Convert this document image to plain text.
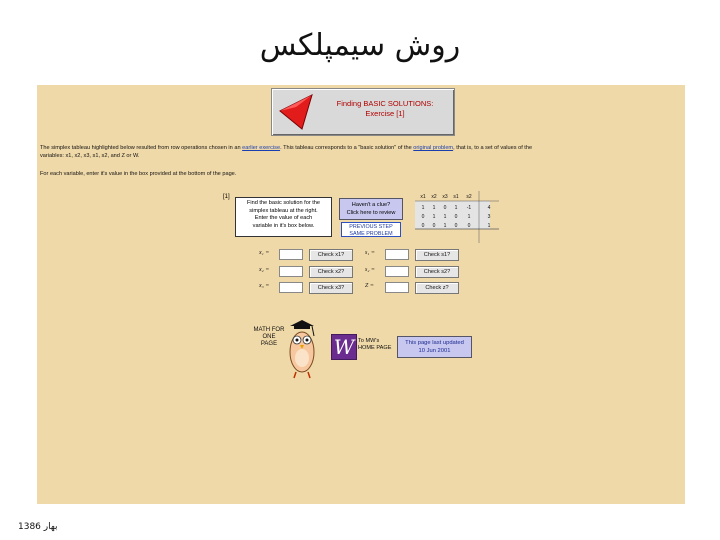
روش سیمپلکس
Finding BASIC SOLUTIONS:
Exercise [1]
The simplex tableau highlighted below resulted from row operations chosen in an earlier exercise. This tableau corresponds to a "basic solution" of the original problem, that is, to a set of values of the
variables: x1, x2, x3, s1, s2, and Z or W.
For each variable, enter it's value in the box provided at the bottom of the page.
[1]
Find the basic solution for the
simplex tableau at the right.
Enter the value of each
variable in it's box below.
Haven't a clue?
Click here to review
PREVIOUS STEP
SAME PROBLEM
x1 x2 x3 s1 s2
1 1 0 1 -1	4
0 1 1 0 1	3
0 0 1 0 0	1
x₁ =	Check x1?
x₂ =	Check x2?
x₃ =	Check x3?
s₁ =	Check s1?
s₂ =	Check s2?
Z =	Check z?
MATH FOR
ONE
PAGE	W To MW's
HOME PAGE
This page last updated
10 Jun 2001
بهار 1386
